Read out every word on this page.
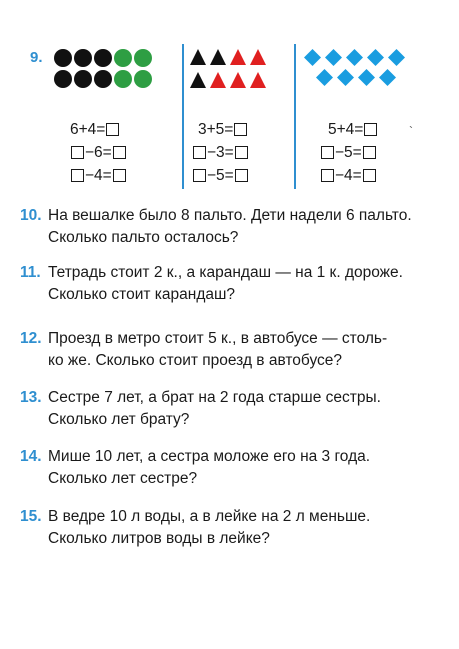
9.
6+4=
−6=
−4=
3+5=
−3=
−5=
5+4=
−5=
−4=
`
10. На вешалке было 8 пальто. Дети надели 6 пальто.
Сколько пальто осталось?
11. Тетрадь стоит 2 к., а карандаш — на 1 к. дороже.
Сколько стоит карандаш?
12. Проезд в метро стоит 5 к., в автобусе — столь-
ко же. Сколько стоит проезд в автобусе?
13. Сестре 7 лет, а брат на 2 года старше сестры.
Сколько лет брату?
14. Мише 10 лет, а сестра моложе его на 3 года.
Сколько лет сестре?
15. В ведре 10 л воды, а в лейке на 2 л меньше.
Сколько литров воды в лейке?
